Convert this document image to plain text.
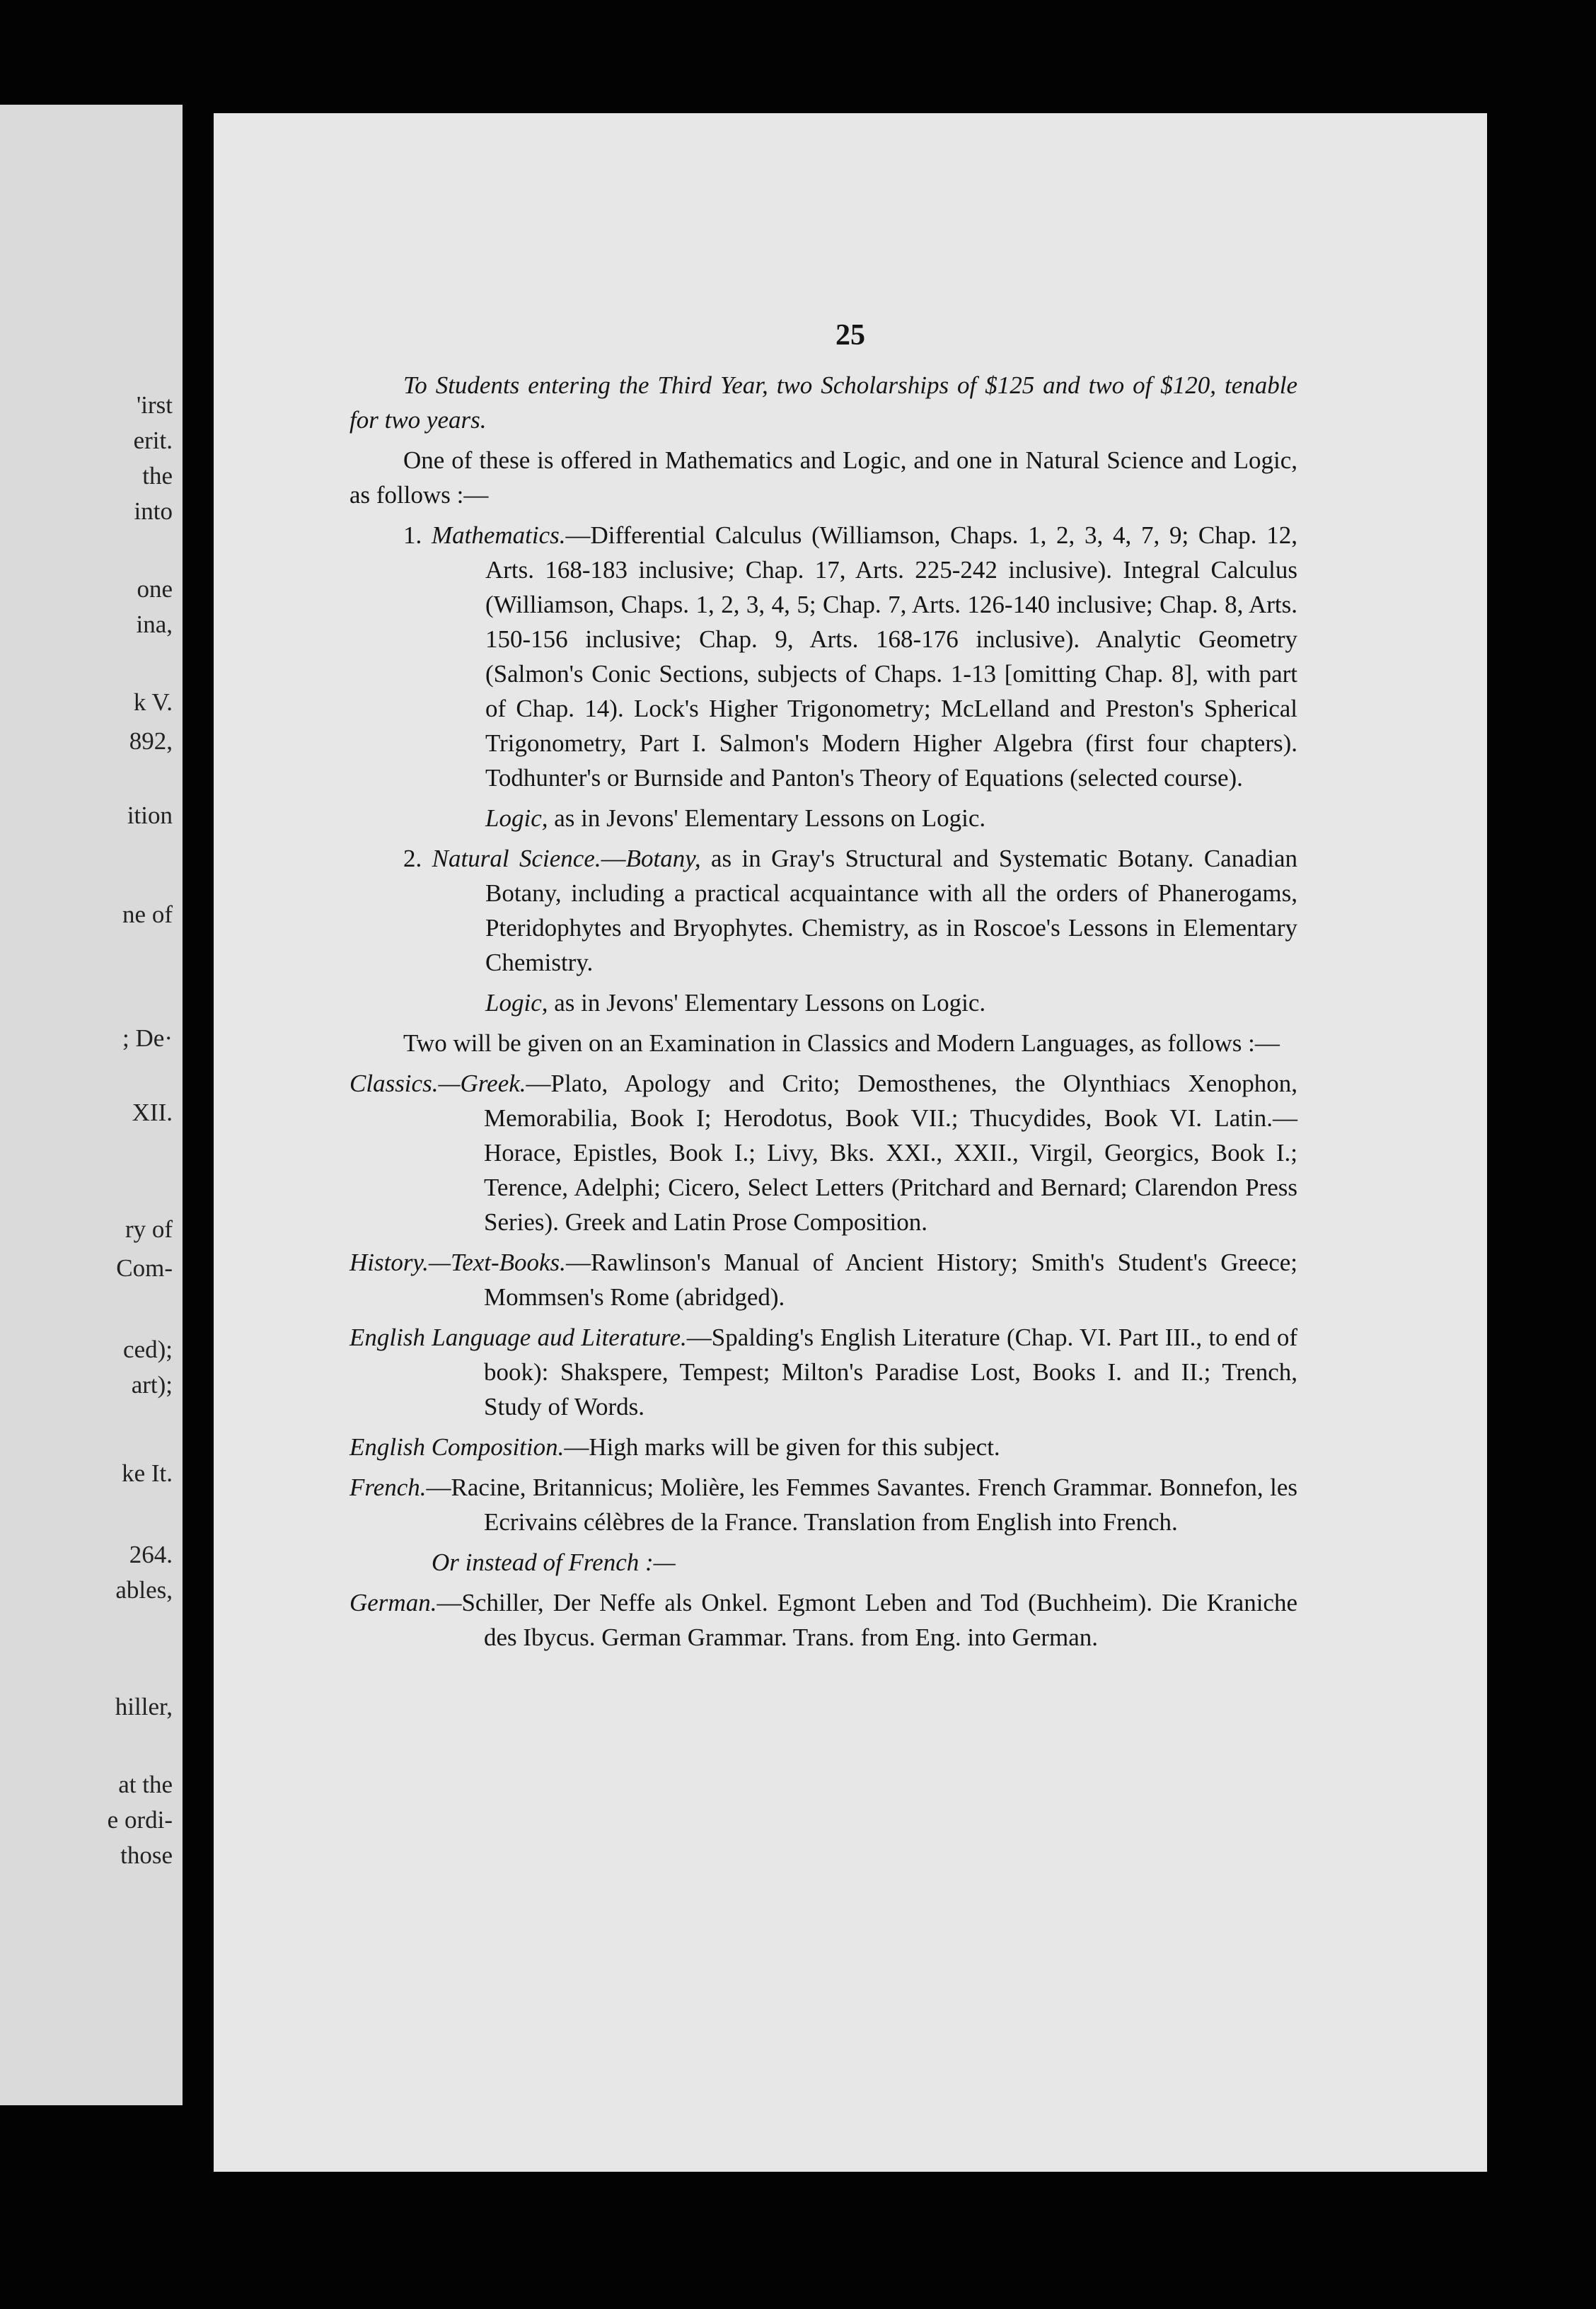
'irst
erit.
the
into
one
ina,
k V.
892,
ition
ne of
; De·
XII.
ry of
Com-
ced);
art);
ke It.
264.
ables,
hiller,
at the
e ordi-
those
25

To Students entering the Third Year, two Scholarships of $125 and two of $120, tenable for two years.

One of these is offered in Mathematics and Logic, and one in Natural Science and Logic, as follows :—

1. Mathematics.—Differential Calculus (Williamson, Chaps. 1, 2, 3, 4, 7, 9; Chap. 12, Arts. 168-183 inclusive; Chap. 17, Arts. 225-242 inclusive). Integral Calculus (Williamson, Chaps. 1, 2, 3, 4, 5; Chap. 7, Arts. 126-140 inclusive; Chap. 8, Arts. 150-156 inclusive; Chap. 9, Arts. 168-176 inclusive). Analytic Geometry (Salmon's Conic Sections, subjects of Chaps. 1-13 [omitting Chap. 8], with part of Chap. 14). Lock's Higher Trigonometry; McLelland and Preston's Spherical Trigonometry, Part I. Salmon's Modern Higher Algebra (first four chapters). Todhunter's or Burnside and Panton's Theory of Equations (selected course).

Logic, as in Jevons' Elementary Lessons on Logic.

2. Natural Science.—Botany, as in Gray's Structural and Systematic Botany. Canadian Botany, including a practical acquaintance with all the orders of Phanerogams, Pteridophytes and Bryophytes. Chemistry, as in Roscoe's Lessons in Elementary Chemistry.

Logic, as in Jevons' Elementary Lessons on Logic.

Two will be given on an Examination in Classics and Modern Languages, as follows :—

Classics.—Greek.—Plato, Apology and Crito; Demosthenes, the Olynthiacs Xenophon, Memorabilia, Book I; Herodotus, Book VII.; Thucydides, Book VI. Latin.—Horace, Epistles, Book I.; Livy, Bks. XXI., XXII., Virgil, Georgics, Book I.; Terence, Adelphi; Cicero, Select Letters (Pritchard and Bernard; Clarendon Press Series). Greek and Latin Prose Composition.

History.—Text-Books.—Rawlinson's Manual of Ancient History; Smith's Student's Greece; Mommsen's Rome (abridged).

English Language aud Literature.—Spalding's English Literature (Chap. VI. Part III., to end of book): Shakspere, Tempest; Milton's Paradise Lost, Books I. and II.; Trench, Study of Words.

English Composition.—High marks will be given for this subject.

French.—Racine, Britannicus; Molière, les Femmes Savantes. French Grammar. Bonnefon, les Ecrivains célèbres de la France. Translation from English into French.

Or instead of French :—

German.—Schiller, Der Neffe als Onkel. Egmont Leben and Tod (Buchheim). Die Kraniche des Ibycus. German Grammar. Trans. from Eng. into German.
